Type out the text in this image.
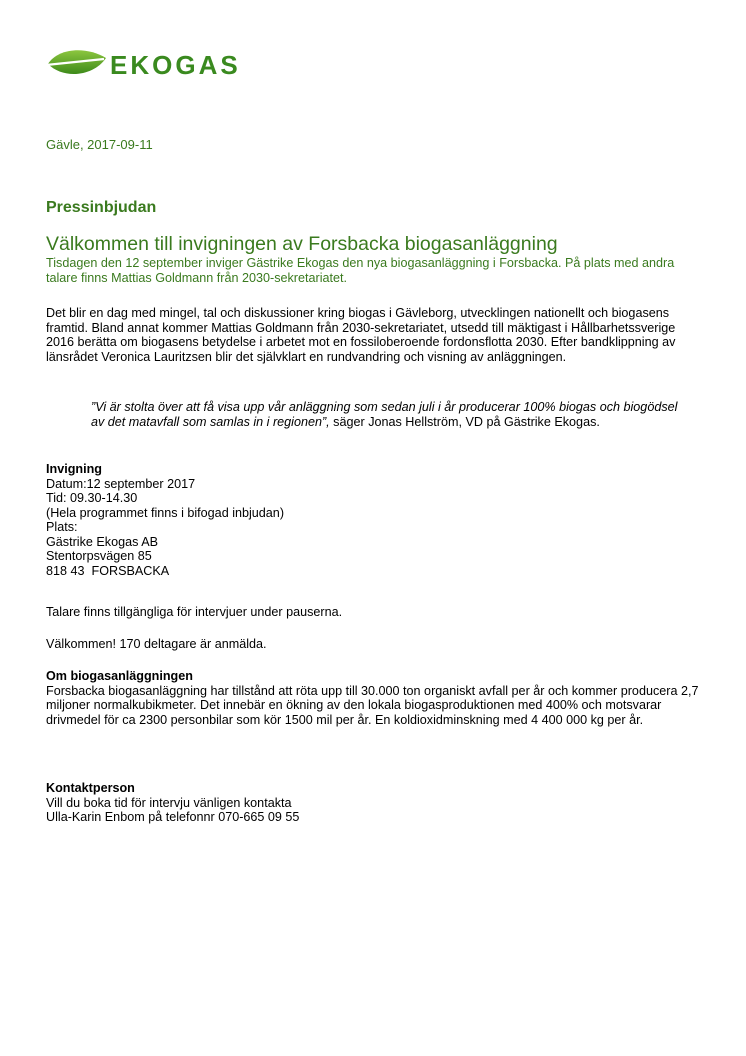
EKOGAS
Gävle, 2017-09-11
Pressinbjudan
Välkommen till invigningen av Forsbacka biogasanläggning
Tisdagen den 12 september inviger Gästrike Ekogas den nya biogasanläggning i Forsbacka. På plats med andra talare finns Mattias Goldmann från 2030-sekretariatet.
Det blir en dag med mingel, tal och diskussioner kring biogas i Gävleborg, utvecklingen nationellt och biogasens framtid. Bland annat kommer Mattias Goldmann från 2030-sekretariatet, utsedd till mäktigast i Hållbarhetssverige 2016 berätta om biogasens betydelse i arbetet mot en fossiloberoende fordonsflotta 2030. Efter bandklippning av länsrådet Veronica Lauritzsen blir det självklart en rundvandring och visning av anläggningen.
”Vi är stolta över att få visa upp vår anläggning som sedan juli i år producerar 100% biogas och biogödsel av det matavfall som samlas in i regionen”, säger Jonas Hellström, VD på Gästrike Ekogas.
Invigning
Datum:12 september 2017
Tid: 09.30-14.30
(Hela programmet finns i bifogad inbjudan)
Plats:
Gästrike Ekogas AB
Stentorpsvägen 85
818 43  FORSBACKA
Talare finns tillgängliga för intervjuer under pauserna.
Välkommen! 170 deltagare är anmälda.
Om biogasanläggningen
Forsbacka biogasanläggning har tillstånd att röta upp till 30.000 ton organiskt avfall per år och kommer producera 2,7 miljoner normalkubikmeter. Det innebär en ökning av den lokala biogasproduktionen med 400% och motsvarar drivmedel för ca 2300 personbilar som kör 1500 mil per år. En koldioxidminskning med 4 400 000 kg per år.
Kontaktperson
Vill du boka tid för intervju vänligen kontakta
Ulla-Karin Enbom på telefonnr 070-665 09 55
